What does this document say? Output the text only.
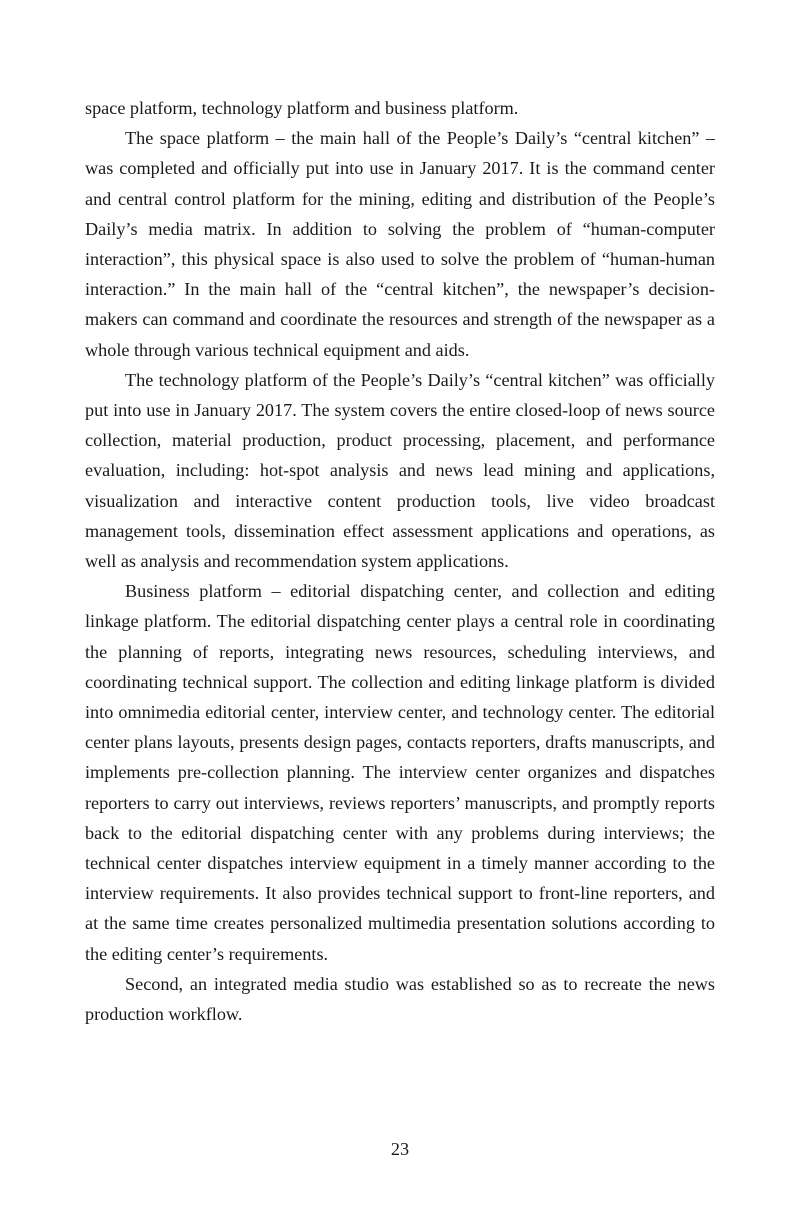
space platform, technology platform and business platform.

The space platform – the main hall of the People’s Daily’s “central kitchen” – was completed and officially put into use in January 2017. It is the command center and central control platform for the mining, editing and distribution of the People’s Daily’s media matrix. In addition to solving the problem of “human-computer interaction”, this physical space is also used to solve the problem of “human-human interaction.” In the main hall of the “central kitchen”, the newspaper’s decision-makers can command and coordinate the resources and strength of the newspaper as a whole through various technical equipment and aids.

The technology platform of the People’s Daily’s “central kitchen” was officially put into use in January 2017. The system covers the entire closed-loop of news source collection, material production, product processing, placement, and performance evaluation, including: hot-spot analysis and news lead mining and applications, visualization and interactive content production tools, live video broadcast management tools, dissemination effect assessment applications and operations, as well as analysis and recommendation system applications.

Business platform – editorial dispatching center, and collection and editing linkage platform. The editorial dispatching center plays a central role in coordinating the planning of reports, integrating news resources, scheduling interviews, and coordinating technical support. The collection and editing linkage platform is divided into omnimedia editorial center, interview center, and technology center. The editorial center plans layouts, presents design pages, contacts reporters, drafts manuscripts, and implements pre-collection planning. The interview center organizes and dispatches reporters to carry out interviews, reviews reporters’ manuscripts, and promptly reports back to the editorial dispatching center with any problems during interviews; the technical center dispatches interview equipment in a timely manner according to the interview requirements. It also provides technical support to front-line reporters, and at the same time creates personalized multimedia presentation solutions according to the editing center’s requirements.

Second, an integrated media studio was established so as to recreate the news production workflow.

23
